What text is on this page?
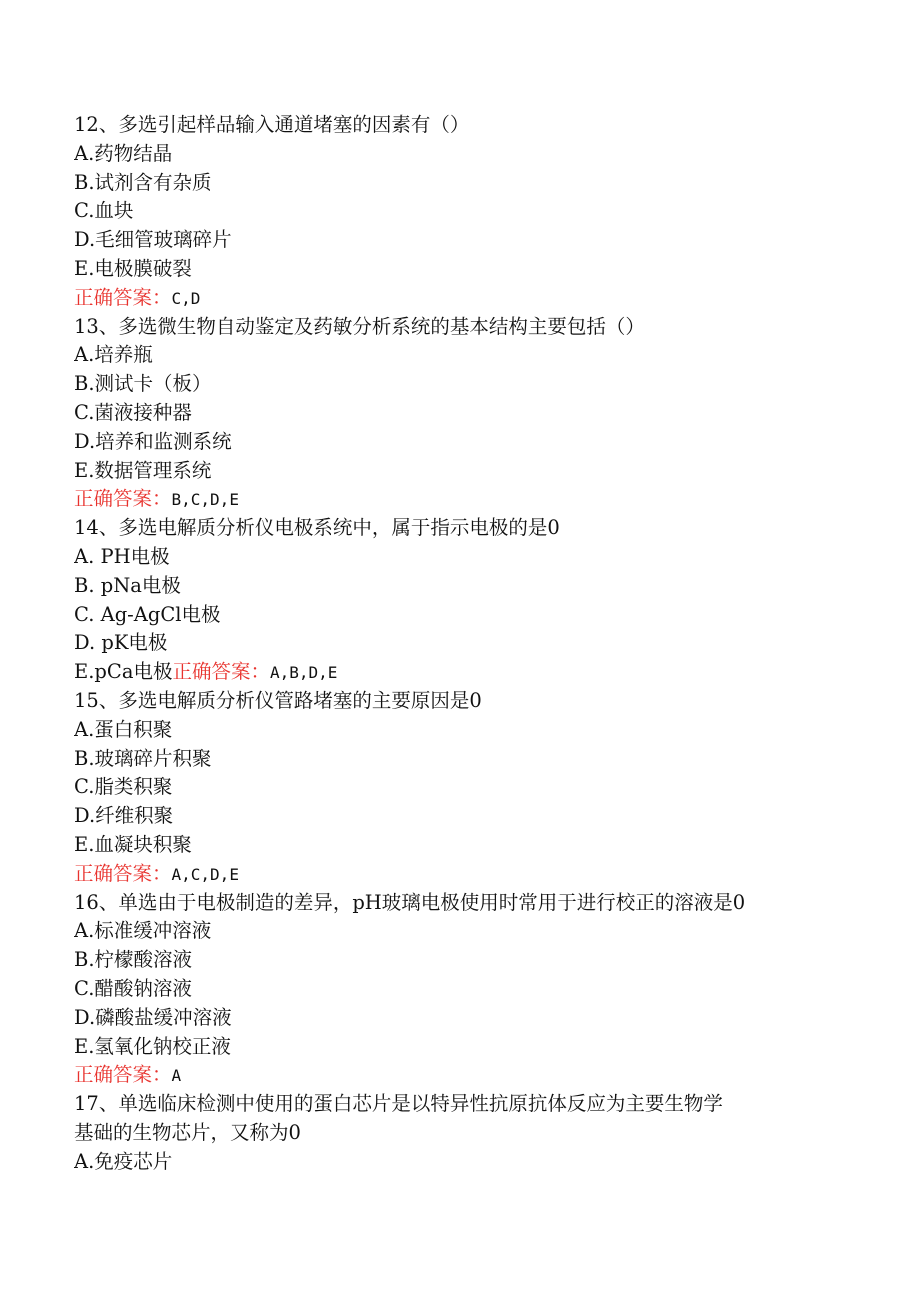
12、多选引起样品输入通道堵塞的因素有（）
A.药物结晶
B.试剂含有杂质
C.血块
D.毛细管玻璃碎片
E.电极膜破裂
正确答案：C,D
13、多选微生物自动鉴定及药敏分析系统的基本结构主要包括（）
A.培养瓶
B.测试卡（板）
C.菌液接种器
D.培养和监测系统
E.数据管理系统
正确答案：B,C,D,E
14、多选电解质分析仪电极系统中，属于指示电极的是0
A. PH电极
B. pNa电极
C. Ag-AgCl电极
D. pK电极
E.pCa电极正确答案：A,B,D,E
15、多选电解质分析仪管路堵塞的主要原因是0
A.蛋白积聚
B.玻璃碎片积聚
C.脂类积聚
D.纤维积聚
E.血凝块积聚
正确答案：A,C,D,E
16、单选由于电极制造的差异，pH玻璃电极使用时常用于进行校正的溶液是0
A.标准缓冲溶液
B.柠檬酸溶液
C.醋酸钠溶液
D.磷酸盐缓冲溶液
E.氢氧化钠校正液
正确答案：A
17、单选临床检测中使用的蛋白芯片是以特异性抗原抗体反应为主要生物学
基础的生物芯片，又称为0
A.免疫芯片
